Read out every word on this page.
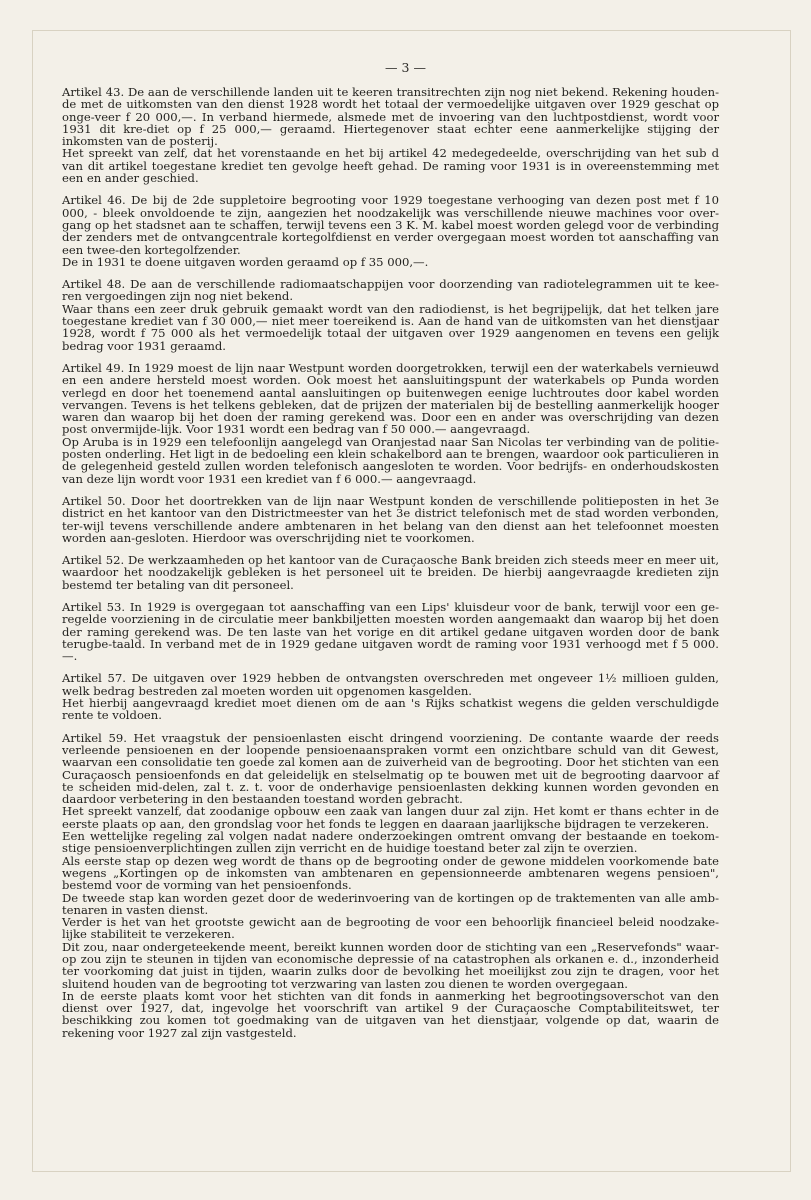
— 3 —

Artikel 43. De aan de verschillende landen uit te keeren transitrechten zijn nog niet bekend. Rekening houden-de met de uitkomsten van den dienst 1928 wordt het totaal der vermoedelijke uitgaven over 1929 geschat op onge-veer f 20 000,—. In verband hiermede, alsmede met de invoering van den luchtpostdienst, wordt voor 1931 dit kre-diet op f 25 000,— geraamd. Hiertegenover staat echter eene aanmerkelijke stijging der inkomsten van de posterij.

Het spreekt van zelf, dat het vorenstaande en het bij artikel 42 medegedeelde, overschrijding van het sub d van dit artikel toegestane krediet ten gevolge heeft gehad. De raming voor 1931 is in overeenstemming met een en ander geschied.

Artikel 46. De bij de 2de suppletoire begrooting voor 1929 toegestane verhooging van dezen post met f 10 000, - bleek onvoldoende te zijn, aangezien het noodzakelijk was verschillende nieuwe machines voor over-gang op het stadsnet aan te schaffen, terwijl tevens een 3 K. M. kabel moest worden gelegd voor de verbinding der zenders met de ontvangcentrale kortegolfdienst en verder overgegaan moest worden tot aanschaffing van een twee-den kortegolfzender.

De in 1931 te doene uitgaven worden geraamd op f 35 000,—.

Artikel 48. De aan de verschillende radiomaatschappijen voor doorzending van radiotelegrammen uit te kee-ren vergoedingen zijn nog niet bekend.

Waar thans een zeer druk gebruik gemaakt wordt van den radiodienst, is het begrijpelijk, dat het telken jare toegestane krediet van f 30 000,— niet meer toereikend is. Aan de hand van de uitkomsten van het dienstjaar 1928, wordt f 75 000 als het vermoedelijk totaal der uitgaven over 1929 aangenomen en tevens een gelijk bedrag voor 1931 geraamd.

Artikel 49. In 1929 moest de lijn naar Westpunt worden doorgetrokken, terwijl een der waterkabels vernieuwd en een andere hersteld moest worden. Ook moest het aansluitingspunt der waterkabels op Punda worden verlegd en door het toenemend aantal aansluitingen op buitenwegen eenige luchtroutes door kabel worden vervangen. Tevens is het telkens gebleken, dat de prijzen der materialen bij de bestelling aanmerkelijk hooger waren dan waarop bij het doen der raming gerekend was. Door een en ander was overschrijding van dezen post onvermijde-lijk. Voor 1931 wordt een bedrag van f 50 000.— aangevraagd.

Op Aruba is in 1929 een telefoonlijn aangelegd van Oranjestad naar San Nicolas ter verbinding van de politie-posten onderling. Het ligt in de bedoeling een klein schakelbord aan te brengen, waardoor ook particulieren in de gelegenheid gesteld zullen worden telefonisch aangesloten te worden. Voor bedrijfs- en onderhoudskosten van deze lijn wordt voor 1931 een krediet van f 6 000.— aangevraagd.

Artikel 50. Door het doortrekken van de lijn naar Westpunt konden de verschillende politieposten in het 3e district en het kantoor van den Districtmeester van het 3e district telefonisch met de stad worden verbonden, ter-wijl tevens verschillende andere ambtenaren in het belang van den dienst aan het telefoonnet moesten worden aan-gesloten. Hierdoor was overschrijding niet te voorkomen.

Artikel 52. De werkzaamheden op het kantoor van de Curaçaosche Bank breiden zich steeds meer en meer uit, waardoor het noodzakelijk gebleken is het personeel uit te breiden. De hierbij aangevraagde kredieten zijn bestemd ter betaling van dit personeel.

Artikel 53. In 1929 is overgegaan tot aanschaffing van een Lips' kluisdeur voor de bank, terwijl voor een ge-regelde voorziening in de circulatie meer bankbiljetten moesten worden aangemaakt dan waarop bij het doen der raming gerekend was. De ten laste van het vorige en dit artikel gedane uitgaven worden door de bank terugbe-taald. In verband met de in 1929 gedane uitgaven wordt de raming voor 1931 verhoogd met f 5 000.—.

Artikel 57. De uitgaven over 1929 hebben de ontvangsten overschreden met ongeveer 1½ millioen gulden, welk bedrag bestreden zal moeten worden uit opgenomen kasgelden.

Het hierbij aangevraagd krediet moet dienen om de aan 's Rijks schatkist wegens die gelden verschuldigde rente te voldoen.

Artikel 59. Het vraagstuk der pensioenlasten eischt dringend voorziening. De contante waarde der reeds verleende pensioenen en der loopende pensioenaanspraken vormt een onzichtbare schuld van dit Gewest, waarvan een consolidatie ten goede zal komen aan de zuiverheid van de begrooting. Door het stichten van een Curaçaosch pensioenfonds en dat geleidelijk en stelselmatig op te bouwen met uit de begrooting daarvoor af te scheiden mid-delen, zal t. z. t. voor de onderhavige pensioenlasten dekking kunnen worden gevonden en daardoor verbetering in den bestaanden toestand worden gebracht.

Het spreekt vanzelf, dat zoodanige opbouw een zaak van langen duur zal zijn. Het komt er thans echter in de eerste plaats op aan, den grondslag voor het fonds te leggen en daaraan jaarlijksche bijdragen te verzekeren.

Een wettelijke regeling zal volgen nadat nadere onderzoekingen omtrent omvang der bestaande en toekom-stige pensioenverplichtingen zullen zijn verricht en de huidige toestand beter zal zijn te overzien.

Als eerste stap op dezen weg wordt de thans op de begrooting onder de gewone middelen voorkomende bate wegens „Kortingen op de inkomsten van ambtenaren en gepensionneerde ambtenaren wegens pensioen", bestemd voor de vorming van het pensioenfonds.

De tweede stap kan worden gezet door de wederinvoering van de kortingen op de traktementen van alle amb-tenaren in vasten dienst.

Verder is het van het grootste gewicht aan de begrooting de voor een behoorlijk financieel beleid noodzake-lijke stabiliteit te verzekeren.

Dit zou, naar ondergeteekende meent, bereikt kunnen worden door de stichting van een „Reservefonds" waar-op zou zijn te steunen in tijden van economische depressie of na catastrophen als orkanen e. d., inzonderheid ter voorkoming dat juist in tijden, waarin zulks door de bevolking het moeilijkst zou zijn te dragen, voor het sluitend houden van de begrooting tot verzwaring van lasten zou dienen te worden overgegaan.

In de eerste plaats komt voor het stichten van dit fonds in aanmerking het begrootingsoverschot van den dienst over 1927, dat, ingevolge het voorschrift van artikel 9 der Curaçaosche Comptabiliteitswet, ter beschikking zou komen tot goedmaking van de uitgaven van het dienstjaar, volgende op dat, waarin de rekening voor 1927 zal zijn vastgesteld.
